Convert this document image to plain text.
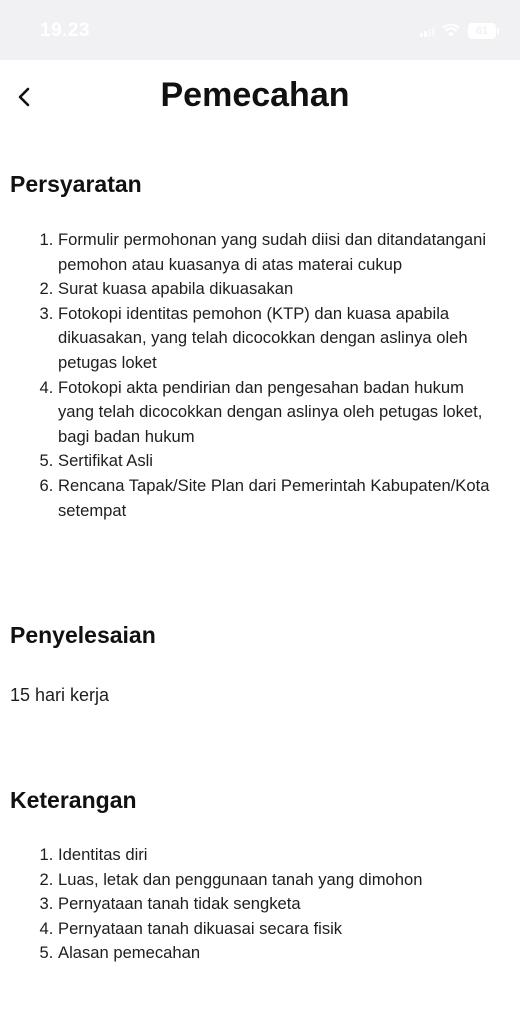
19.23	61
Pemecahan
Persyaratan
1. Formulir permohonan yang sudah diisi dan ditandatangani pemohon atau kuasanya di atas materai cukup
2. Surat kuasa apabila dikuasakan
3. Fotokopi identitas pemohon (KTP) dan kuasa apabila dikuasakan, yang telah dicocokkan dengan aslinya oleh petugas loket
4. Fotokopi akta pendirian dan pengesahan badan hukum yang telah dicocokkan dengan aslinya oleh petugas loket, bagi badan hukum
5. Sertifikat Asli
6. Rencana Tapak/Site Plan dari Pemerintah Kabupaten/Kota setempat
Penyelesaian
15 hari kerja
Keterangan
1. Identitas diri
2. Luas, letak dan penggunaan tanah yang dimohon
3. Pernyataan tanah tidak sengketa
4. Pernyataan tanah dikuasai secara fisik
5. Alasan pemecahan
